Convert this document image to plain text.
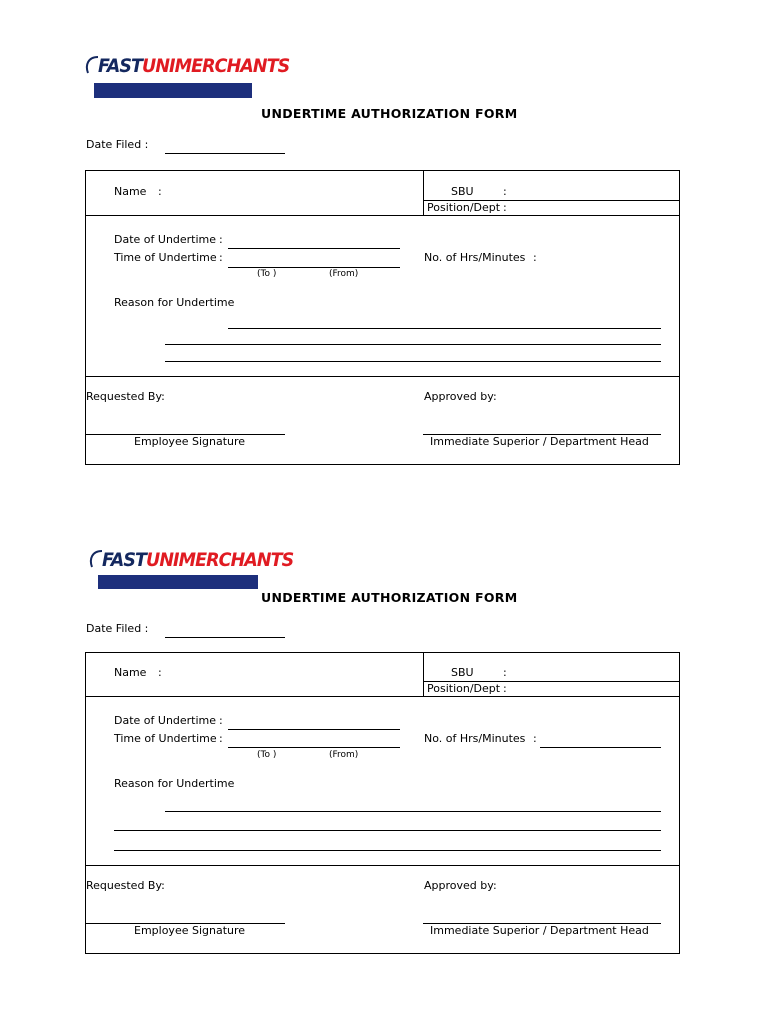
FASTUNIMERCHANTS
UNDERTIME AUTHORIZATION FORM
Date Filed :
Name :	SBU	:
Position/Dept :
Date of Undertime :
Time of Undertime :
(To )	(From)
No. of Hrs/Minutes :
Reason for Undertime
Requested By:	Approved by:
Employee Signature	Immediate Superior / Department Head
FASTUNIMERCHANTS
UNDERTIME AUTHORIZATION FORM
Date Filed :
Name :	SBU	:
Position/Dept :
Date of Undertime :
Time of Undertime :
(To )	(From)
No. of Hrs/Minutes :
Reason for Undertime
Requested By:	Approved by:
Employee Signature	Immediate Superior / Department Head
